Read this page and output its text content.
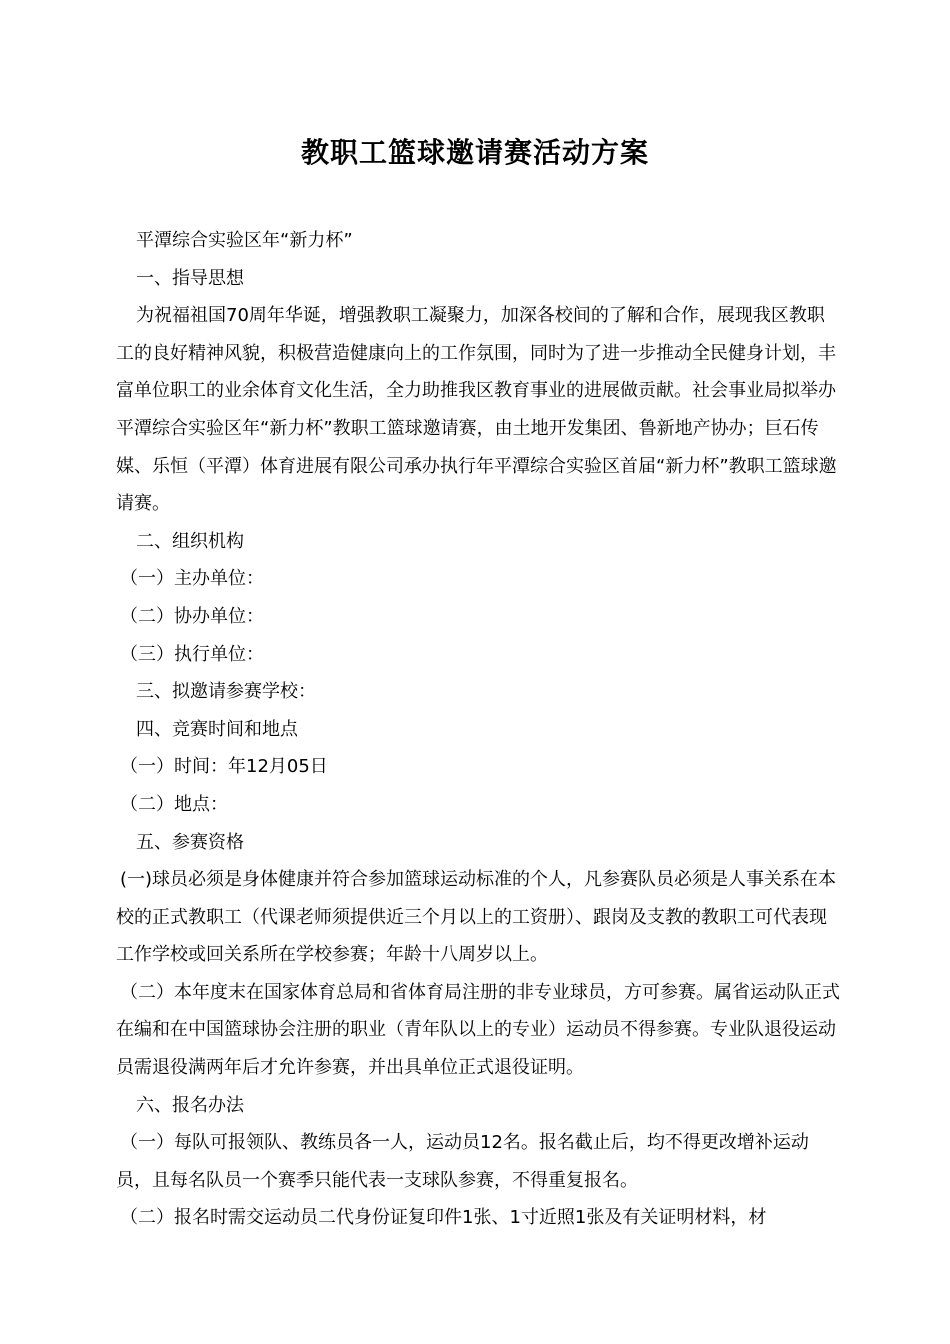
教职工篮球邀请赛活动方案

平潭综合实验区年“新力杯”

一、指导思想

为祝福祖国70周年华诞，增强教职工凝聚力，加深各校间的了解和合作，展现我区教职工的良好精神风貌，积极营造健康向上的工作氛围，同时为了进一步推动全民健身计划，丰富单位职工的业余体育文化生活，全力助推我区教育事业的进展做贡献。社会事业局拟举办平潭综合实验区年“新力杯”教职工篮球邀请赛，由土地开发集团、鲁新地产协办；巨石传媒、乐恒（平潭）体育进展有限公司承办执行年平潭综合实验区首届“新力杯”教职工篮球邀请赛。

二、组织机构

（一）主办单位：

（二）协办单位：

（三）执行单位：

三、拟邀请参赛学校：

四、竞赛时间和地点

（一）时间：年12月05日

（二）地点：

五、参赛资格

(一)球员必须是身体健康并符合参加篮球运动标准的个人，凡参赛队员必须是人事关系在本校的正式教职工（代课老师须提供近三个月以上的工资册）、跟岗及支教的教职工可代表现工作学校或回关系所在学校参赛；年龄十八周岁以上。

（二）本年度末在国家体育总局和省体育局注册的非专业球员，方可参赛。属省运动队正式在编和在中国篮球协会注册的职业（青年队以上的专业）运动员不得参赛。专业队退役运动员需退役满两年后才允许参赛，并出具单位正式退役证明。

六、报名办法

（一）每队可报领队、教练员各一人，运动员12名。报名截止后，均不得更改增补运动员，且每名队员一个赛季只能代表一支球队参赛，不得重复报名。

（二）报名时需交运动员二代身份证复印件1张、1寸近照1张及有关证明材料，材
